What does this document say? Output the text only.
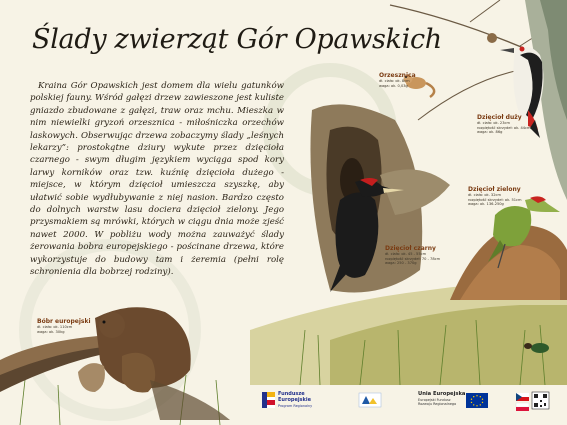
Ślady zwierząt Gór Opawskich
Kraina Gór Opawskich jest domem dla wielu gatunków polskiej fauny. Wśród gałęzi drzew zawieszone jest kuliste gniazdo zbudowane z gałęzi, traw oraz mchu. Mieszka w nim niewielki gryzoń orzesznica - miłośniczka orzechów laskowych. Obserwując drzewa zobaczymy ślady „leśnych lekarzy”: prostokątne dziury wykute przez dzięcioła czarnego - swym długim językiem wyciąga spod kory larwy korników oraz tzw. kuźnię dzięcioła dużego - miejsce, w którym dzięcioł umieszcza szyszkę, aby ułatwić sobie wydłubywanie z niej nasion. Bardzo często do dolnych warstw lasu dociera dzięcioł zielony. Jego przysmakiem są mrówki, których w ciągu dnia może zjeść nawet 2000. W pobliżu wody można zauważyć ślady żerowania bobra europejskiego - pościnane drzewa, które wykorzystuje do budowy tam i żeremia (pełni rolę schronienia dla bobrzej rodziny).
Orzesznica
dł. ciała: ok. 8cm
waga: ok. 0,03g
Dzięcioł duży
dł. ciała: ok. 23cm
rozpiętość skrzydeł: ok. 44cm
waga: ok. 86g
Dzięcioł zielony
dł. ciała: ok. 32cm
rozpiętość skrzydeł: ok. 51cm
waga: ok. 136-250g
Dzięcioł czarny
dł. ciała: ok. 45 - 55cm
rozpiętość skrzydeł: 70 - 78cm
waga: 250 - 370g
Bóbr europejski
dł. ciała: ok. 110cm
waga: ok. 30kg
Fundusze
Europejskie
Program Regionalny
Unia Europejska
Europejski Fundusz
Rozwoju Regionalnego
